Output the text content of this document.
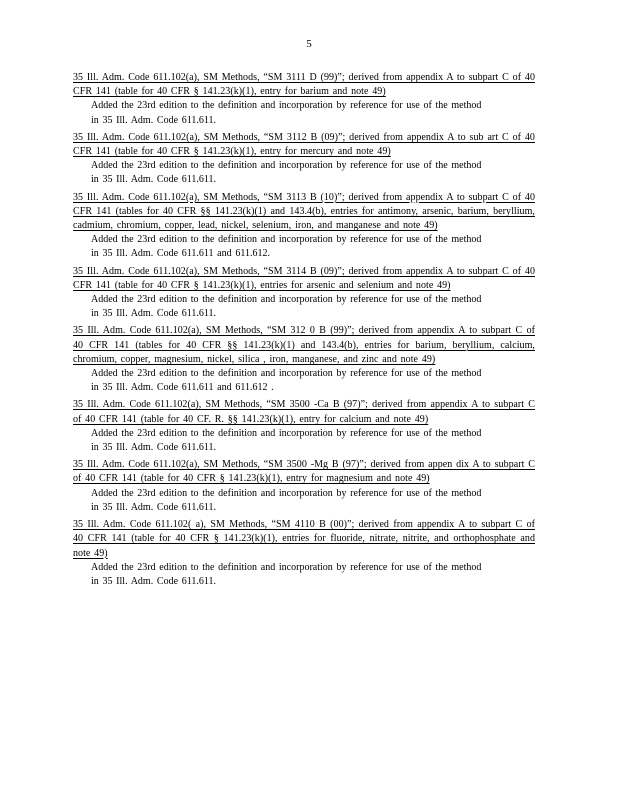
5
35 Ill. Adm. Code 611.102(a), SM Methods, “SM 3111 D (99)”; derived from appendix A to subpart C of 40 CFR 141 (table for 40 CFR § 141.23(k)(1), entry for barium and note 49)
Added the 23rd edition to the definition and incorporation by reference for use of the method
in 35 Ill. Adm. Code 611.611.
35 Ill. Adm. Code 611.102(a), SM Methods, “SM 3112 B (09)”; derived from appendix A to sub art C of 40 CFR 141 (table for 40 CFR § 141.23(k)(1), entry for mercury and note 49)
Added the 23rd edition to the definition and incorporation by reference for use of the method
in 35 Ill. Adm. Code 611.611.
35 Ill. Adm. Code 611.102(a), SM Methods, “SM 3113 B (10)”; derived from appendix A to subpart C of 40 CFR 141 (tables for 40 CFR §§ 141.23(k)(1) and 143.4(b), entries for antimony, arsenic, barium, beryllium, cadmium, chromium, copper, lead, nickel, selenium, iron, and manganese and note 49)
Added the 23rd edition to the definition and incorporation by reference for use of the method
in 35 Ill. Adm. Code 611.611 and 611.612.
35 Ill. Adm. Code 611.102(a), SM Methods, “SM 3114 B (09)”; derived from appendix A to subpart C of 40 CFR 141 (table for 40 CFR § 141.23(k)(1), entries for arsenic and selenium and note 49)
Added the 23rd edition to the definition and incorporation by reference for use of the method
in 35 Ill. Adm. Code 611.611.
35 Ill. Adm. Code 611.102(a), SM Methods, “SM 312 0 B (99)”; derived from appendix A to subpart C of 40 CFR 141 (tables for 40 CFR §§ 141.23(k)(1) and 143.4(b), entries for barium, beryllium, calcium, chromium, copper, magnesium, nickel, silica , iron, manganese, and zinc and note 49)
Added the 23rd edition to the definition and incorporation by reference for use of the method
in 35 Ill. Adm. Code 611.611 and 611.612 .
35 Ill. Adm. Code 611.102(a), SM Methods, “SM 3500 -Ca B (97)”; derived from appendix A to subpart C of 40 CFR 141 (table for 40 CF. R. §§ 141.23(k)(1), entry for calcium and note 49)
Added the 23rd edition to the definition and incorporation by reference for use of the method
in 35 Ill. Adm. Code 611.611.
35 Ill. Adm. Code 611.102(a), SM Methods, “SM 3500 -Mg B (97)”; derived from appen dix A to subpart C of 40 CFR 141 (table for 40 CFR § 141.23(k)(1), entry for magnesium and note 49)
Added the 23rd edition to the definition and incorporation by reference for use of the method
in 35 Ill. Adm. Code 611.611.
35 Ill. Adm. Code 611.102( a), SM Methods, “SM 4110 B (00)”; derived from appendix A to subpart C of 40 CFR 141 (table for 40 CFR § 141.23(k)(1), entries for fluoride, nitrate, nitrite, and orthophosphate and note 49)
Added the 23rd edition to the definition and incorporation by reference for use of the method
in 35 Ill. Adm. Code 611.611.
